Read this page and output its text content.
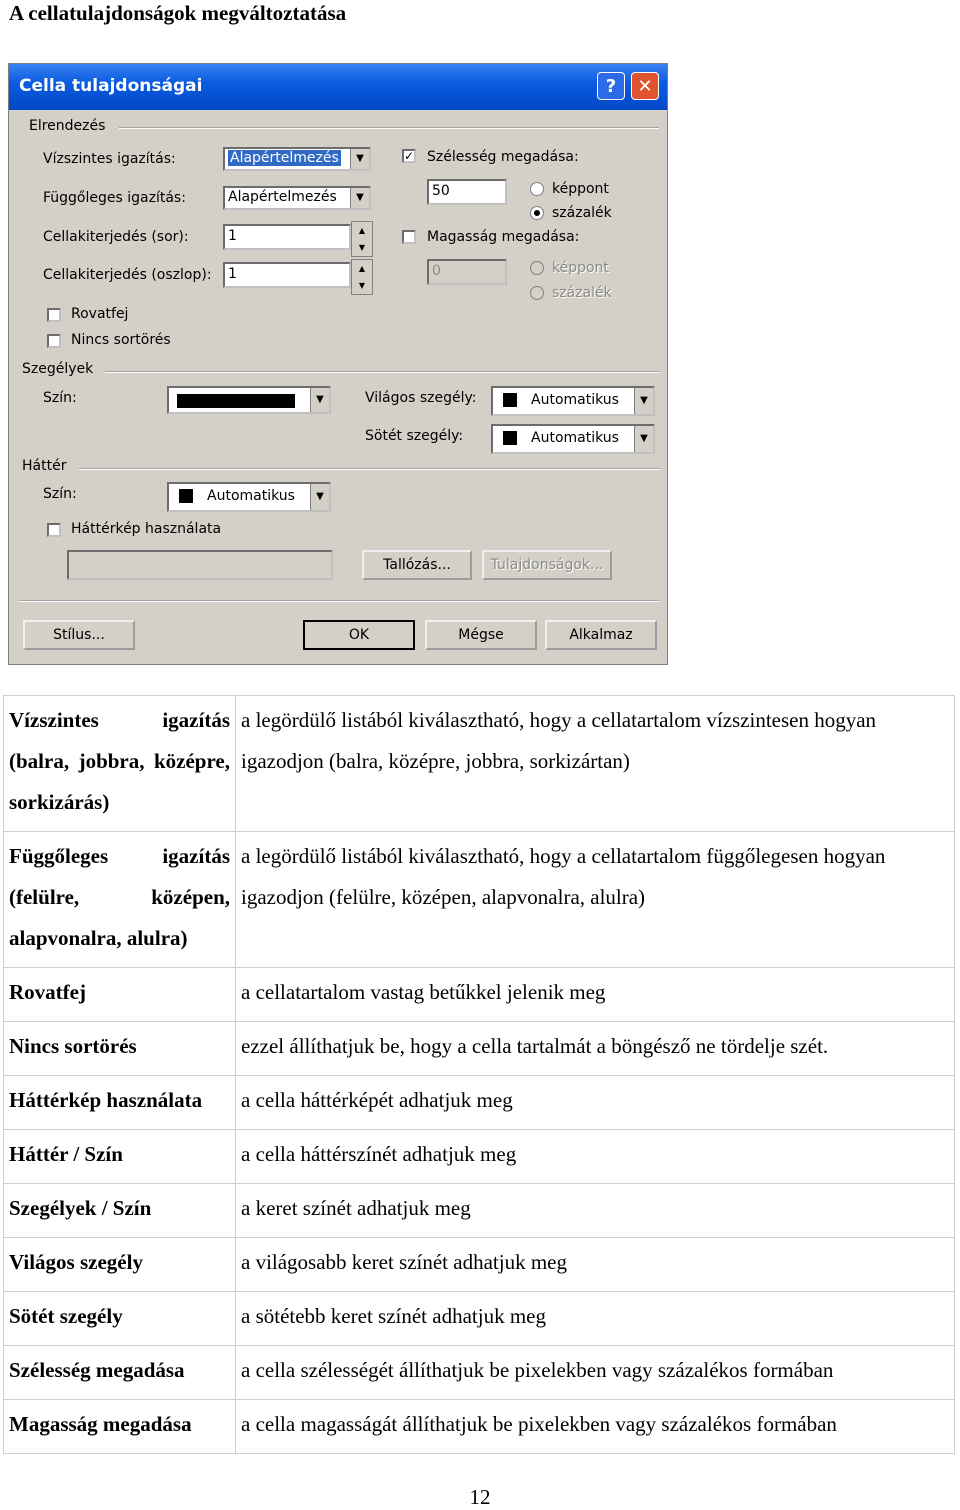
A cellatulajdonságok megváltoztatása
Cella tulajdonságai	?	✕
Elrendezés
Vízszintes igazítás:	Alapértelmezés	▼
Függőleges igazítás:	Alapértelmezés	▼
Cellakiterjedés (sor):	1	▲
▼
Cellakiterjedés (oszlop): 1	▲
▼
Rovatfej
Nincs sortörés
✓ Szélesség megadása:
50	képpont
százalék
Magasság megadása:
0	képpont
százalék
Szegélyek
Szín:	▼	Világos szegély:	Automatikus	▼
Sötét szegély:	Automatikus	▼
Háttér
Szín:	Automatikus	▼
Háttérkép használata
Tallózás...	Tulajdonságok...
Stílus...	OK	Mégse	Alkalmaz
Vízszintes igazítás (balra, jobbra, középre, sorkizárás)	a legördülő listából kiválasztható, hogy a cellatartalom vízszintesen hogyan igazodjon (balra, középre, jobbra, sorkizártan)
Függőleges igazítás (felülre, középen, alapvonalra, alulra)	a legördülő listából kiválasztható, hogy a cellatartalom függőlegesen hogyan igazodjon (felülre, középen, alapvonalra, alulra)
Rovatfej	a cellatartalom vastag betűkkel jelenik meg
Nincs sortörés	ezzel állíthatjuk be, hogy a cella tartalmát a böngésző ne tördelje szét.
Háttérkép használata	a cella háttérképét adhatjuk meg
Háttér / Szín	a cella háttérszínét adhatjuk meg
Szegélyek / Szín	a keret színét adhatjuk meg
Világos szegély	a világosabb keret színét adhatjuk meg
Sötét szegély	a sötétebb keret színét adhatjuk meg
Szélesség megadása	a cella szélességét állíthatjuk be pixelekben vagy százalékos formában
Magasság megadása	a cella magasságát állíthatjuk be pixelekben vagy százalékos formában
12
